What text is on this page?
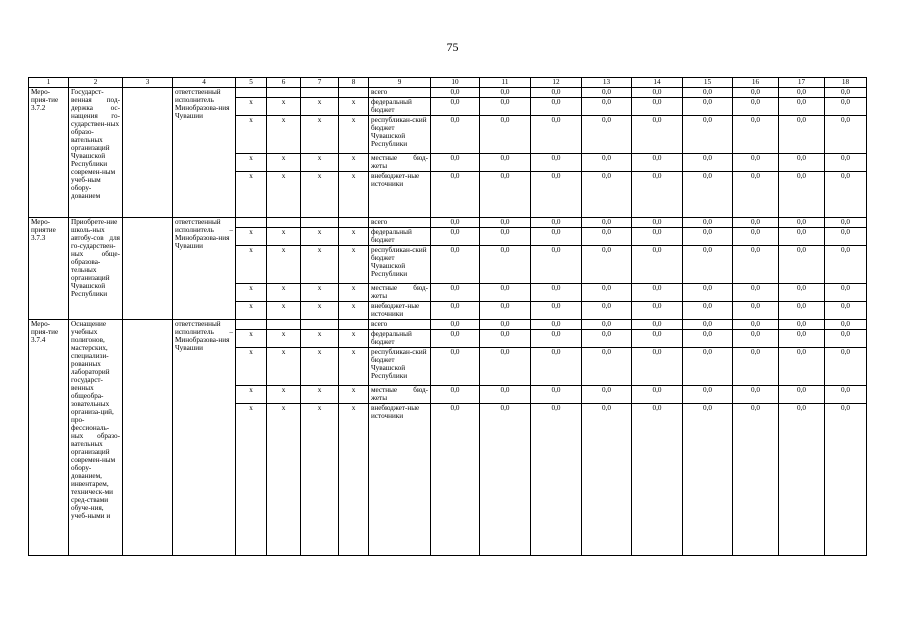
75
1	2	3	4	5	6	7	8	9	10	11	12	13	14	15	16	17	18
Меро-прия-тие 3.7.2	Государст-венная под-держка ос-нащения го-сударствен-ных образо-вательных организаций Чувашской Республики современ-ным учеб-ным обору-дованием		ответственный исполнитель Минобразова-ния Чувашии					всего	0,0	0,0	0,0	0,0	0,0	0,0	0,0	0,0	0,0
				x	x	x	x	федеральный бюджет	0,0	0,0	0,0	0,0	0,0	0,0	0,0	0,0	0,0
				x	x	x	x	республикан-ский бюджет Чувашской Республики	0,0	0,0	0,0	0,0	0,0	0,0	0,0	0,0	0,0
				x	x	x	x	местные бюд-жеты	0,0	0,0	0,0	0,0	0,0	0,0	0,0	0,0	0,0
				x	x	x	x	внебюджет-ные источники	0,0	0,0	0,0	0,0	0,0	0,0	0,0	0,0	0,0
Меро-приятие 3.7.3	Приобрете-ние школь-ных автобу-сов для го-сударствен-ных обще-образова-тельных организаций Чувашской Республики		ответственный исполнитель – Минобразова-ния Чувашии					всего	0,0	0,0	0,0	0,0	0,0	0,0	0,0	0,0	0,0
				x	x	x	x	федеральный бюджет	0,0	0,0	0,0	0,0	0,0	0,0	0,0	0,0	0,0
				x	x	x	x	республикан-ский бюджет Чувашской Республики	0,0	0,0	0,0	0,0	0,0	0,0	0,0	0,0	0,0
				x	x	x	x	местные бюд-жеты	0,0	0,0	0,0	0,0	0,0	0,0	0,0	0,0	0,0
				x	x	x	x	внебюджет-ные источники	0,0	0,0	0,0	0,0	0,0	0,0	0,0	0,0	0,0
Меро-прия-тие 3.7.4	Оснащение учебных полигонов, мастерских, специализи-рованных лабораторий государст-венных общеобра-зовательных организа-ций, про-фессиональ-ных образо-вательных организаций современ-ным обору-дованием, инвентарем, техническ-ми сред-ствами обуче-ния, учеб-ными и		ответственный исполнитель – Минобразова-ния Чувашии					всего	0,0	0,0	0,0	0,0	0,0	0,0	0,0	0,0	0,0
				x	x	x	x	федеральный бюджет	0,0	0,0	0,0	0,0	0,0	0,0	0,0	0,0	0,0
				x	x	x	x	республикан-ский бюджет Чувашской Республики	0,0	0,0	0,0	0,0	0,0	0,0	0,0	0,0	0,0
				x	x	x	x	местные бюд-жеты	0,0	0,0	0,0	0,0	0,0	0,0	0,0	0,0	0,0
				x	x	x	x	внебюджет-ные источники	0,0	0,0	0,0	0,0	0,0	0,0	0,0	0,0	0,0
